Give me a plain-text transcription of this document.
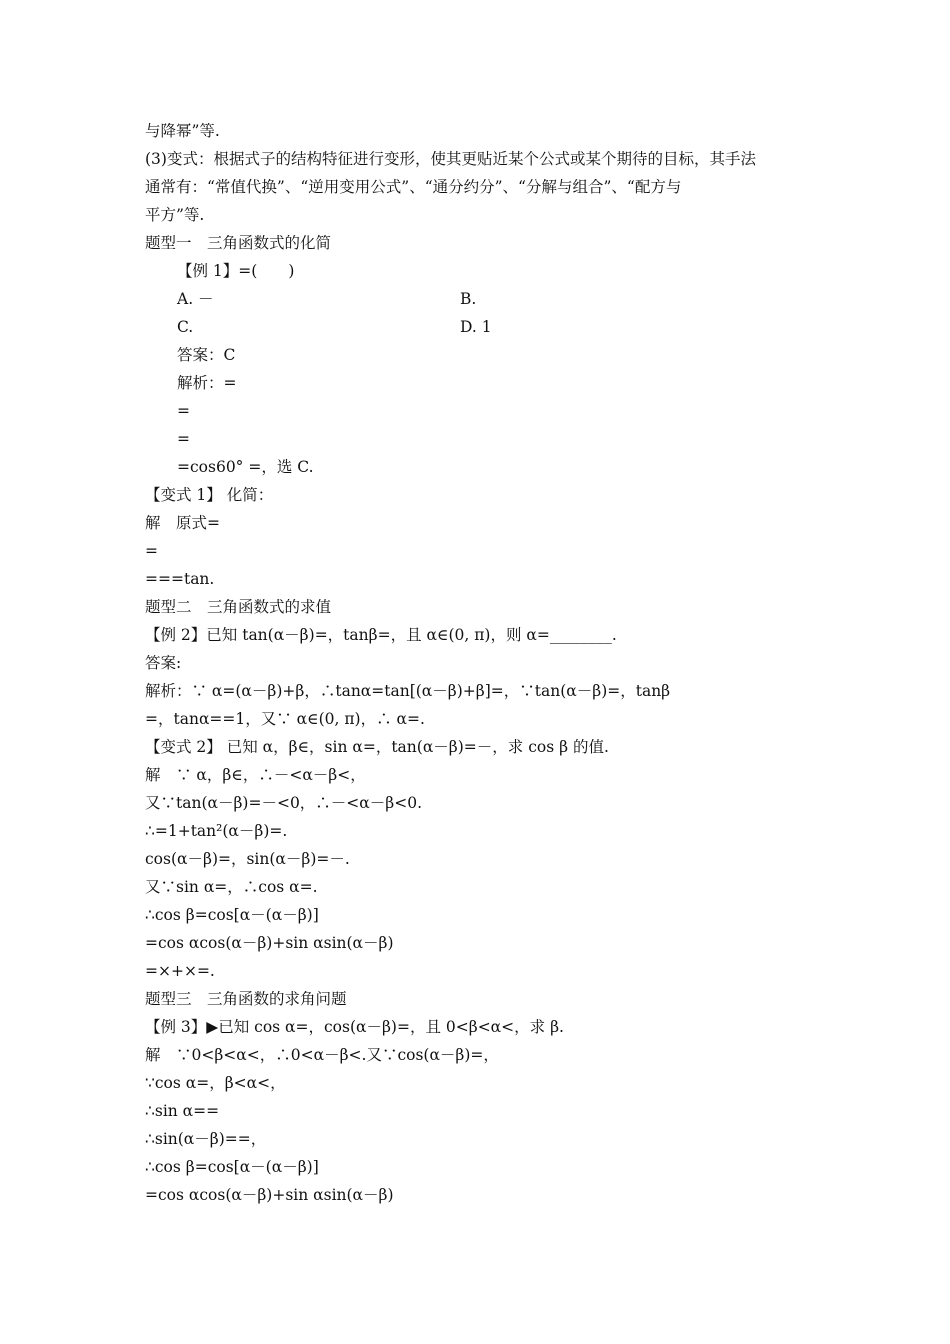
与降幂”等.
(3)变式：根据式子的结构特征进行变形，使其更贴近某个公式或某个期待的目标，其手法
通常有：“常值代换”、“逆用变用公式”、“通分约分”、“分解与组合”、“配方与
平方”等.
题型一　三角函数式的化简
【例 1】=(　　)
A. －	B.
C.	D. 1
答案：C
解析：=
=
=
=cos60° =，选 C.
【变式 1】 化简：
解　原式=
=
===tan.
题型二　三角函数式的求值
【例 2】已知 tan(α－β)=，tanβ=，且 α∈(0, π)，则 α=________.
答案:
解析：∵ α=(α－β)+β，∴tanα=tan[(α－β)+β]=，∵tan(α－β)=，tanβ
=，tanα==1，又∵ α∈(0, π)，∴ α=.
【变式 2】 已知 α，β∈，sin α=，tan(α－β)=－，求 cos β 的值.
解　∵ α，β∈，∴－<α－β<，
又∵tan(α－β)=－<0，∴－<α－β<0.
∴=1+tan²(α－β)=.
cos(α－β)=，sin(α－β)=－.
又∵sin α=，∴cos α=.
∴cos β=cos[α－(α－β)]
=cos αcos(α－β)+sin αsin(α－β)
=×+×=.
题型三　三角函数的求角问题
【例 3】▶已知 cos α=，cos(α－β)=，且 0<β<α<，求 β.
解　∵0<β<α<，∴0<α－β<.又∵cos(α－β)=，
∵cos α=，β<α<，
∴sin α==
∴sin(α－β)==，
∴cos β=cos[α－(α－β)]
=cos αcos(α－β)+sin αsin(α－β)
